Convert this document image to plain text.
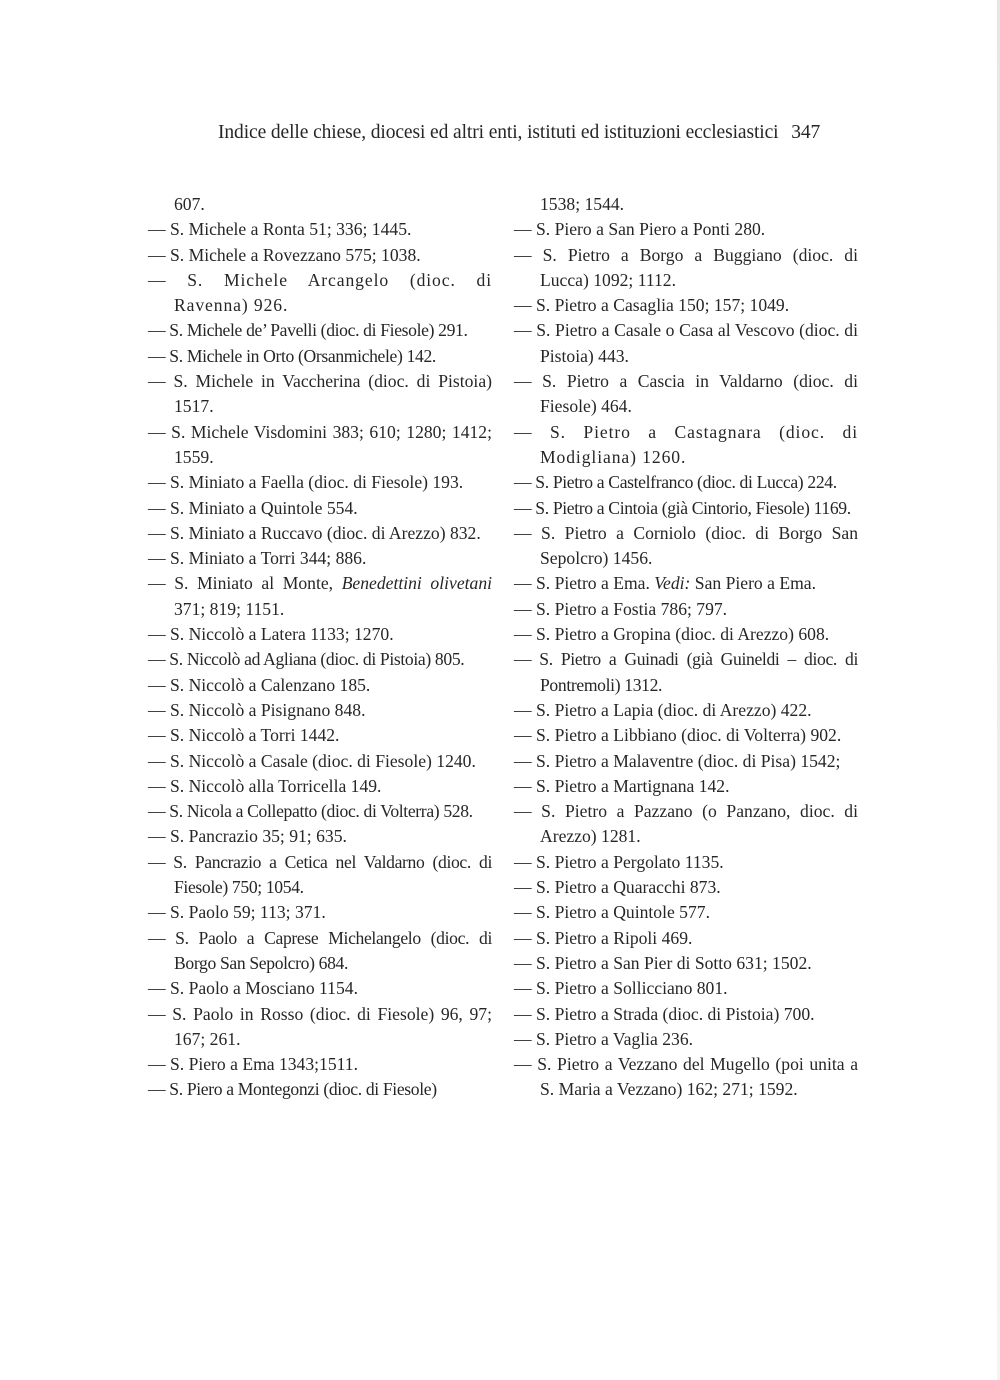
Indice delle chiese, diocesi ed altri enti, istituti ed istituzioni ecclesiastici 347

607.

— S. Michele a Ronta 51; 336; 1445.

— S. Michele a Rovezzano 575; 1038.

— S. Michele Arcangelo (dioc. di Ravenna) 926.

— S. Michele de’ Pavelli (dioc. di Fiesole) 291.

— S. Michele in Orto (Orsanmichele) 142.

— S. Michele in Vaccherina (dioc. di Pistoia) 1517.

— S. Michele Visdomini 383; 610; 1280; 1412; 1559.

— S. Miniato a Faella (dioc. di Fiesole) 193.

— S. Miniato a Quintole 554.

— S. Miniato a Ruccavo (dioc. di Arezzo) 832.

— S. Miniato a Torri 344; 886.

— S. Miniato al Monte, Benedettini olivetani 371; 819; 1151.

— S. Niccolò a Latera 1133; 1270.

— S. Niccolò ad Agliana (dioc. di Pistoia) 805.

— S. Niccolò a Calenzano 185.

— S. Niccolò a Pisignano 848.

— S. Niccolò a Torri 1442.

— S. Niccolò a Casale (dioc. di Fiesole) 1240.

— S. Niccolò alla Torricella 149.

— S. Nicola a Collepatto (dioc. di Volterra) 528.

— S. Pancrazio 35; 91; 635.

— S. Pancrazio a Cetica nel Valdarno (dioc. di Fiesole) 750; 1054.

— S. Paolo 59; 113; 371.

— S. Paolo a Caprese Michelangelo (dioc. di Borgo San Sepolcro) 684.

— S. Paolo a Mosciano 1154.

— S. Paolo in Rosso (dioc. di Fiesole) 96, 97; 167; 261.

— S. Piero a Ema 1343;1511.

— S. Piero a Montegonzi (dioc. di Fiesole)

1538; 1544.

— S. Piero a San Piero a Ponti 280.

— S. Pietro a Borgo a Buggiano (dioc. di Lucca) 1092; 1112.

— S. Pietro a Casaglia 150; 157; 1049.

— S. Pietro a Casale o Casa al Vescovo (dioc. di Pistoia) 443.

— S. Pietro a Cascia in Valdarno (dioc. di Fiesole) 464.

— S. Pietro a Castagnara (dioc. di Modigliana) 1260.

— S. Pietro a Castelfranco (dioc. di Lucca) 224.

— S. Pietro a Cintoia (già Cintorio, Fiesole) 1169.

— S. Pietro a Corniolo (dioc. di Borgo San Sepolcro) 1456.

— S. Pietro a Ema. Vedi: San Piero a Ema.

— S. Pietro a Fostia 786; 797.

— S. Pietro a Gropina (dioc. di Arezzo) 608.

— S. Pietro a Guinadi (già Guineldi – dioc. di Pontremoli) 1312.

— S. Pietro a Lapia (dioc. di Arezzo) 422.

— S. Pietro a Libbiano (dioc. di Volterra) 902.

— S. Pietro a Malaventre (dioc. di Pisa) 1542;

— S. Pietro a Martignana 142.

— S. Pietro a Pazzano (o Panzano, dioc. di Arezzo) 1281.

— S. Pietro a Pergolato 1135.

— S. Pietro a Quaracchi 873.

— S. Pietro a Quintole 577.

— S. Pietro a Ripoli 469.

— S. Pietro a San Pier di Sotto 631; 1502.

— S. Pietro a Sollicciano 801.

— S. Pietro a Strada (dioc. di Pistoia) 700.

— S. Pietro a Vaglia 236.

— S. Pietro a Vezzano del Mugello (poi unita a S. Maria a Vezzano) 162; 271; 1592.
